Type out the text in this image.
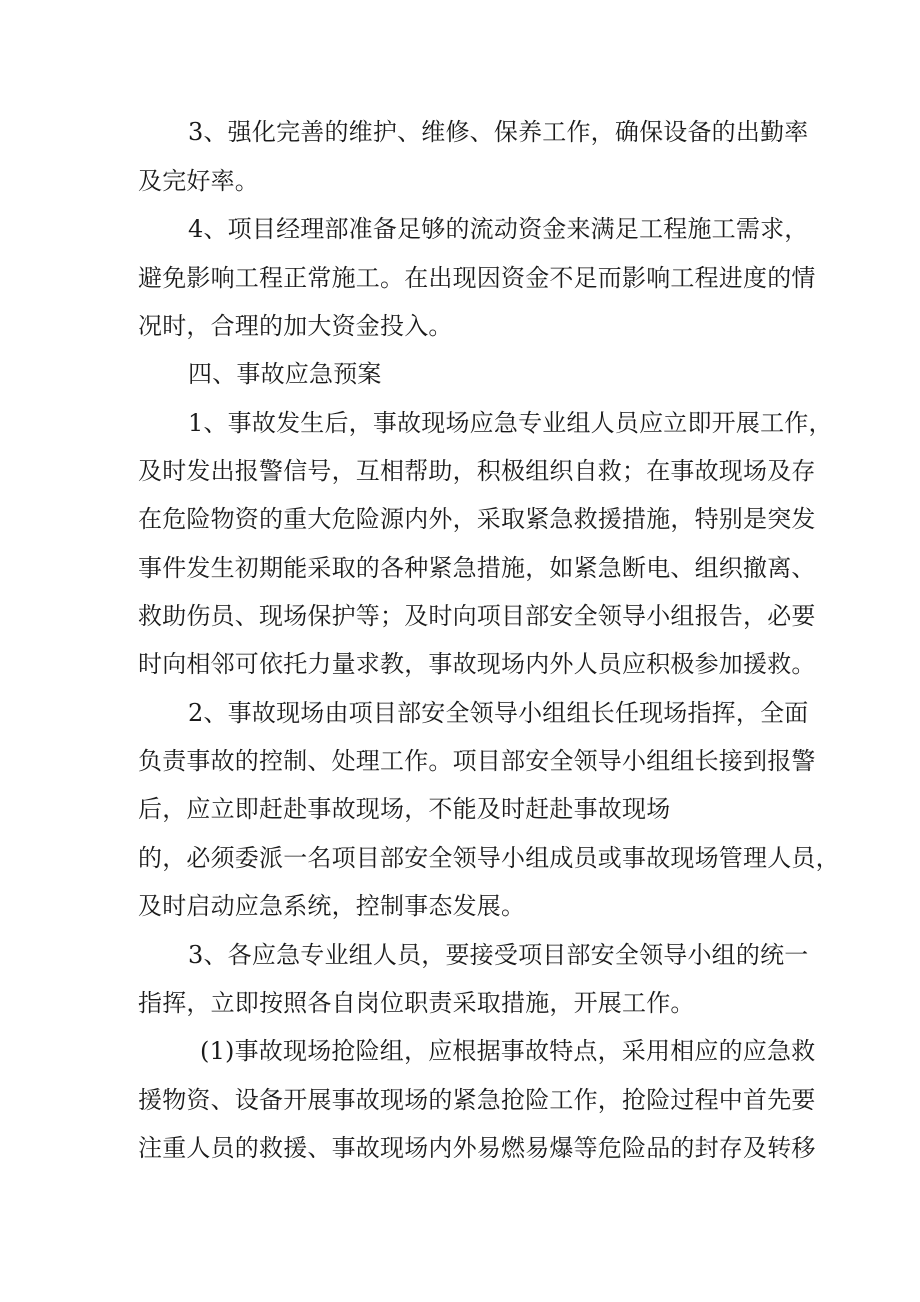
3、强化完善的维护、维修、保养工作，确保设备的出勤率
及完好率。
4、项目经理部准备足够的流动资金来满足工程施工需求，
避免影响工程正常施工。在出现因资金不足而影响工程进度的情
况时，合理的加大资金投入。
四、事故应急预案
1、事故发生后，事故现场应急专业组人员应立即开展工作，
及时发出报警信号，互相帮助，积极组织自救；在事故现场及存
在危险物资的重大危险源内外，采取紧急救援措施，特别是突发
事件发生初期能采取的各种紧急措施，如紧急断电、组织撤离、
救助伤员、现场保护等；及时向项目部安全领导小组报告，必要
时向相邻可依托力量求教，事故现场内外人员应积极参加援救。
2、事故现场由项目部安全领导小组组长任现场指挥，全面
负责事故的控制、处理工作。项目部安全领导小组组长接到报警
后，应立即赶赴事故现场，不能及时赶赴事故现场
的，必须委派一名项目部安全领导小组成员或事故现场管理人员，
及时启动应急系统，控制事态发展。
3、各应急专业组人员，要接受项目部安全领导小组的统一
指挥，立即按照各自岗位职责采取措施，开展工作。
(1)事故现场抢险组，应根据事故特点，采用相应的应急救
援物资、设备开展事故现场的紧急抢险工作，抢险过程中首先要
注重人员的救援、事故现场内外易燃易爆等危险品的封存及转移
